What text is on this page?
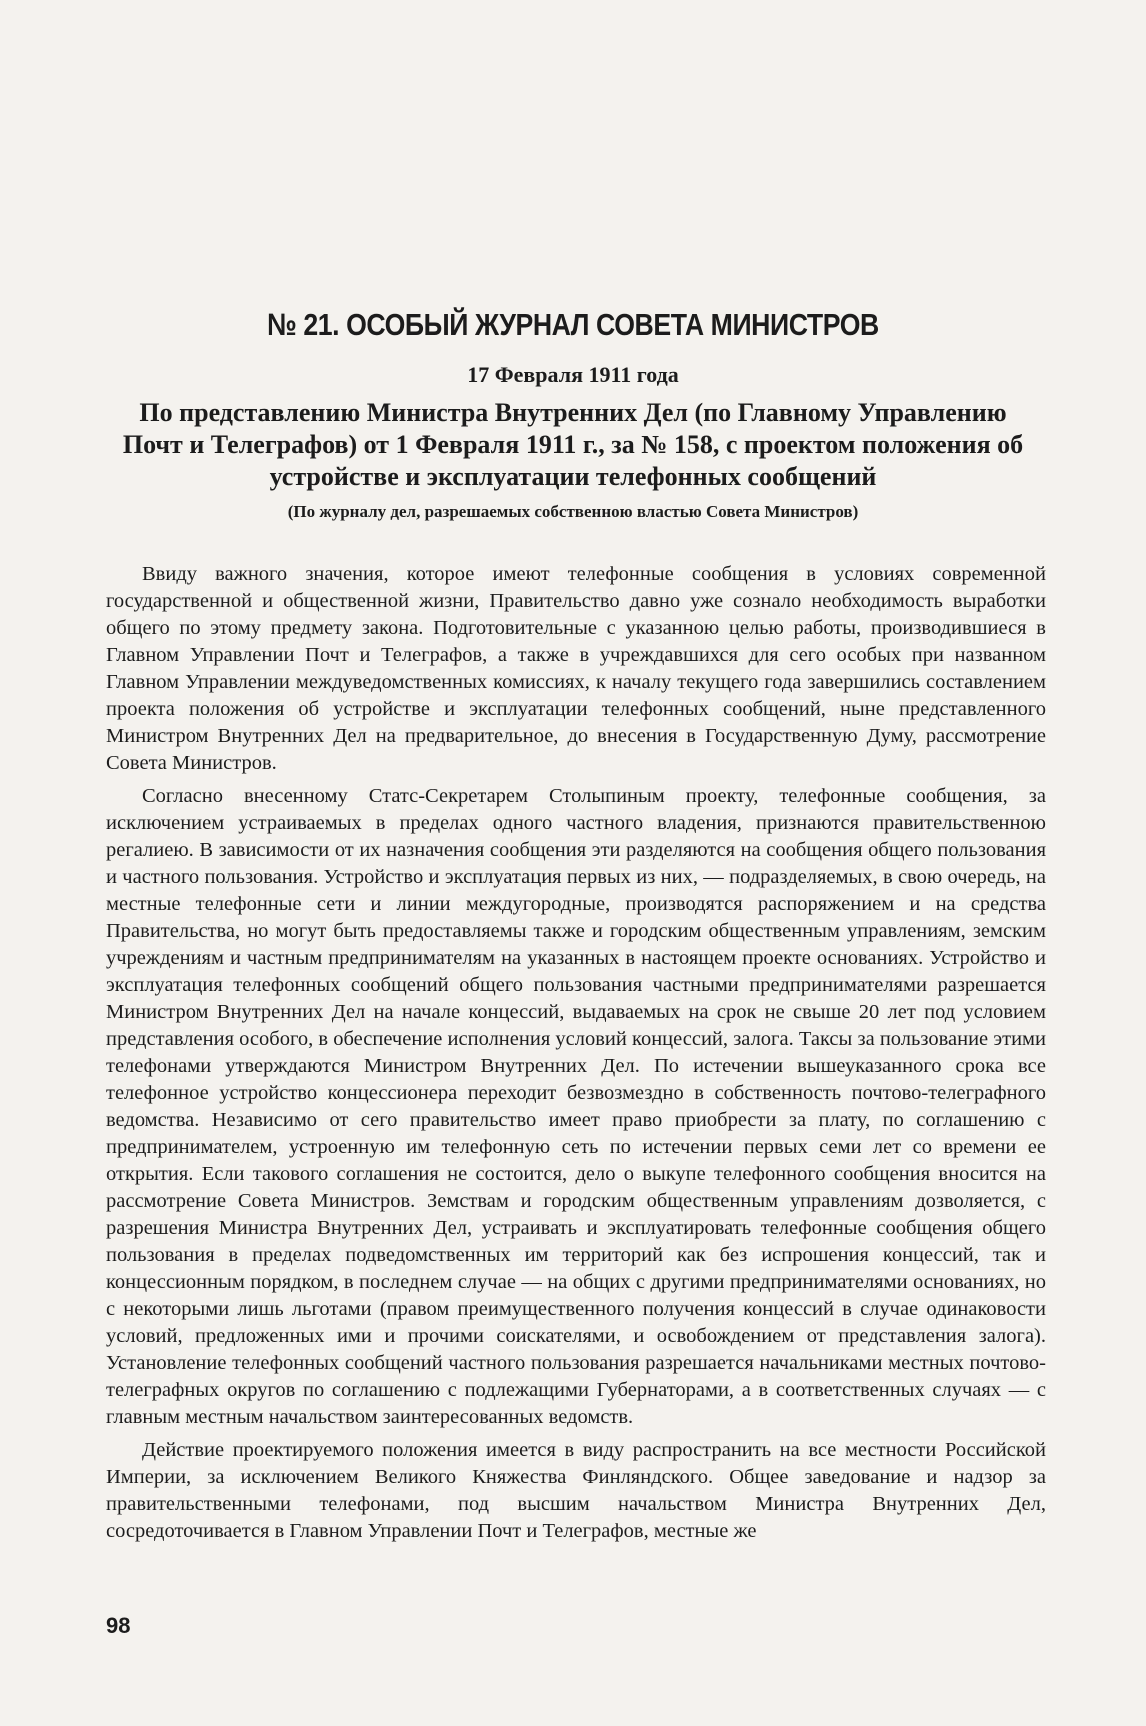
№ 21. ОСОБЫЙ ЖУРНАЛ СОВЕТА МИНИСТРОВ

17 Февраля 1911 года

По представлению Министра Внутренних Дел (по Главному Управлению Почт и Телеграфов) от 1 Февраля 1911 г., за № 158, с проектом положения об устройстве и эксплуатации телефонных сообщений

(По журналу дел, разрешаемых собственною властью Совета Министров)

Ввиду важного значения, которое имеют телефонные сообщения в условиях современной государственной и общественной жизни, Правительство давно уже сознало необходимость выработки общего по этому предмету закона. Подготовительные с указанною целью работы, производившиеся в Главном Управлении Почт и Телеграфов, а также в учреждавшихся для сего особых при названном Главном Управлении междуведомственных комиссиях, к началу текущего года завершились составлением проекта положения об устройстве и эксплуатации телефонных сообщений, ныне представленного Министром Внутренних Дел на предварительное, до внесения в Государственную Думу, рассмотрение Совета Министров.

Согласно внесенному Статс-Секретарем Столыпиным проекту, телефонные сообщения, за исключением устраиваемых в пределах одного частного владения, признаются правительственною регалиею. В зависимости от их назначения сообщения эти разделяются на сообщения общего пользования и частного пользования. Устройство и эксплуатация первых из них, — подразделяемых, в свою очередь, на местные телефонные сети и линии междугородные, производятся распоряжением и на средства Правительства, но могут быть предоставляемы также и городским общественным управлениям, земским учреждениям и частным предпринимателям на указанных в настоящем проекте основаниях. Устройство и эксплуатация телефонных сообщений общего пользования частными предпринимателями разрешается Министром Внутренних Дел на начале концессий, выдаваемых на срок не свыше 20 лет под условием представления особого, в обеспечение исполнения условий концессий, залога. Таксы за пользование этими телефонами утверждаются Министром Внутренних Дел. По истечении вышеуказанного срока все телефонное устройство концессионера переходит безвозмездно в собственность почтово-телеграфного ведомства. Независимо от сего правительство имеет право приобрести за плату, по соглашению с предпринимателем, устроенную им телефонную сеть по истечении первых семи лет со времени ее открытия. Если такового соглашения не состоится, дело о выкупе телефонного сообщения вносится на рассмотрение Совета Министров. Земствам и городским общественным управлениям дозволяется, с разрешения Министра Внутренних Дел, устраивать и эксплуатировать телефонные сообщения общего пользования в пределах подведомственных им территорий как без испрошения концессий, так и концессионным порядком, в последнем случае — на общих с другими предпринимателями основаниях, но с некоторыми лишь льготами (правом преимущественного получения концессий в случае одинаковости условий, предложенных ими и прочими соискателями, и освобождением от представления залога). Установление телефонных сообщений частного пользования разрешается начальниками местных почтово-телеграфных округов по соглашению с подлежащими Губернаторами, а в соответственных случаях — с главным местным начальством заинтересованных ведомств.

Действие проектируемого положения имеется в виду распространить на все местности Российской Империи, за исключением Великого Княжества Финляндского. Общее заведование и надзор за правительственными телефонами, под высшим начальством Министра Внутренних Дел, сосредоточивается в Главном Управлении Почт и Телеграфов, местные же

98
